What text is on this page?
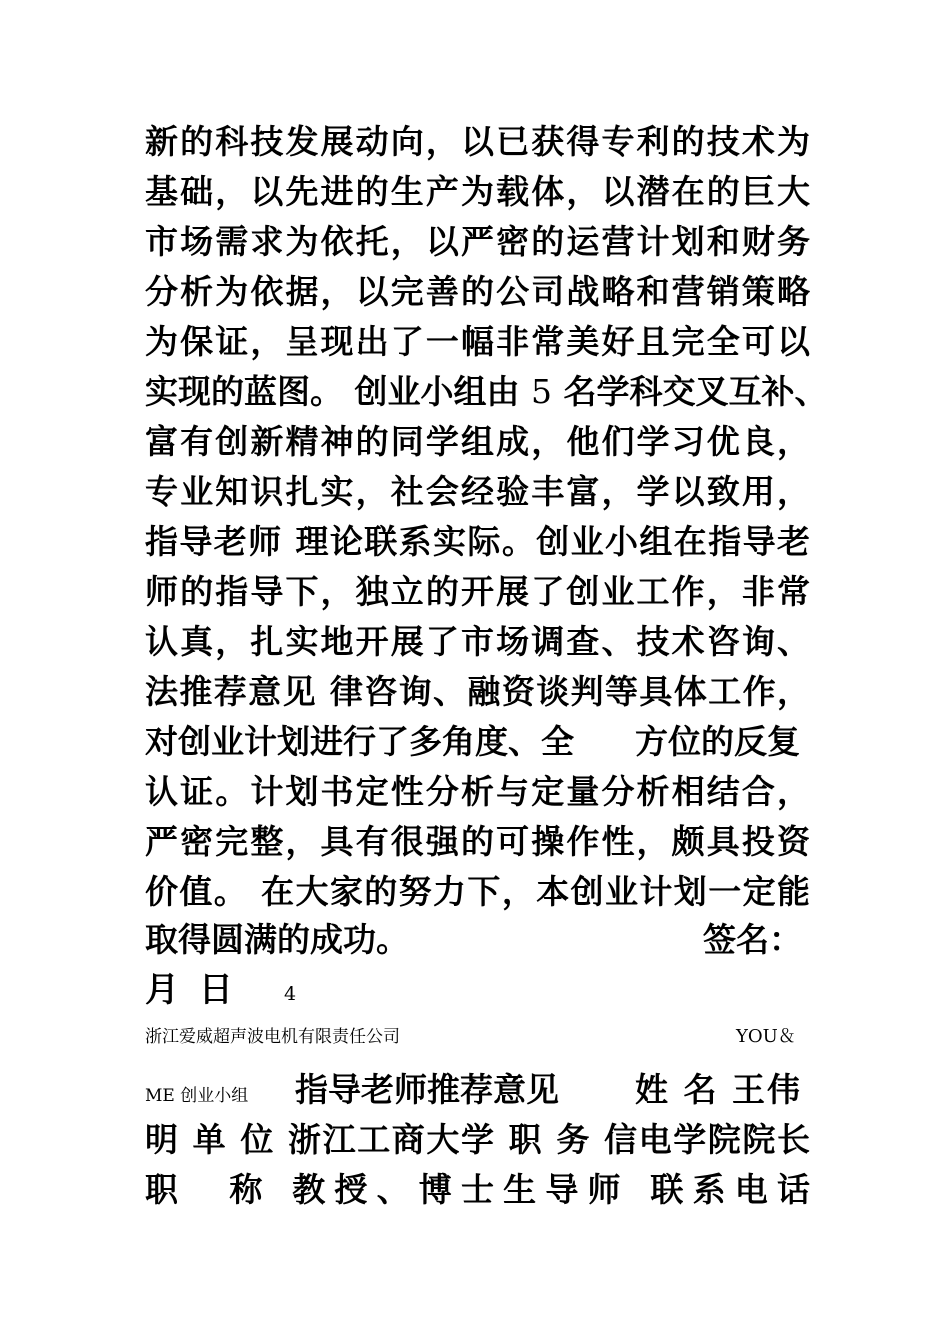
新的科技发展动向，以已获得专利的技术为
基础，以先进的生产为载体，以潜在的巨大
市场需求为依托，以严密的运营计划和财务
分析为依据，以完善的公司战略和营销策略
为保证，呈现出了一幅非常美好且完全可以
实现的蓝图。 创业小组由 5 名学科交叉互补、
富有创新精神的同学组成，他们学习优良，
专业知识扎实，社会经验丰富，学以致用，
指导老师 理论联系实际。创业小组在指导老
师的指导下，独立的开展了创业工作，非常
认真，扎实地开展了市场调查、技术咨询、
法推荐意见 律咨询、融资谈判等具体工作，
对创业计划进行了多角度、全 方位的反复
认证。计划书定性分析与定量分析相结合，
严密完整，具有很强的可操作性，颇具投资
价值。 在大家的努力下，本创业计划一定能
取得圆满的成功。	签名：
月 日	4
浙江爱威超声波电机有限责任公司	YOU＆
ME 创业小组 指导老师推荐意见 姓 名 王伟
明 单 位 浙江工商大学 职 务 信电学院院长
职　称 教授、博士生导师 联系电话
